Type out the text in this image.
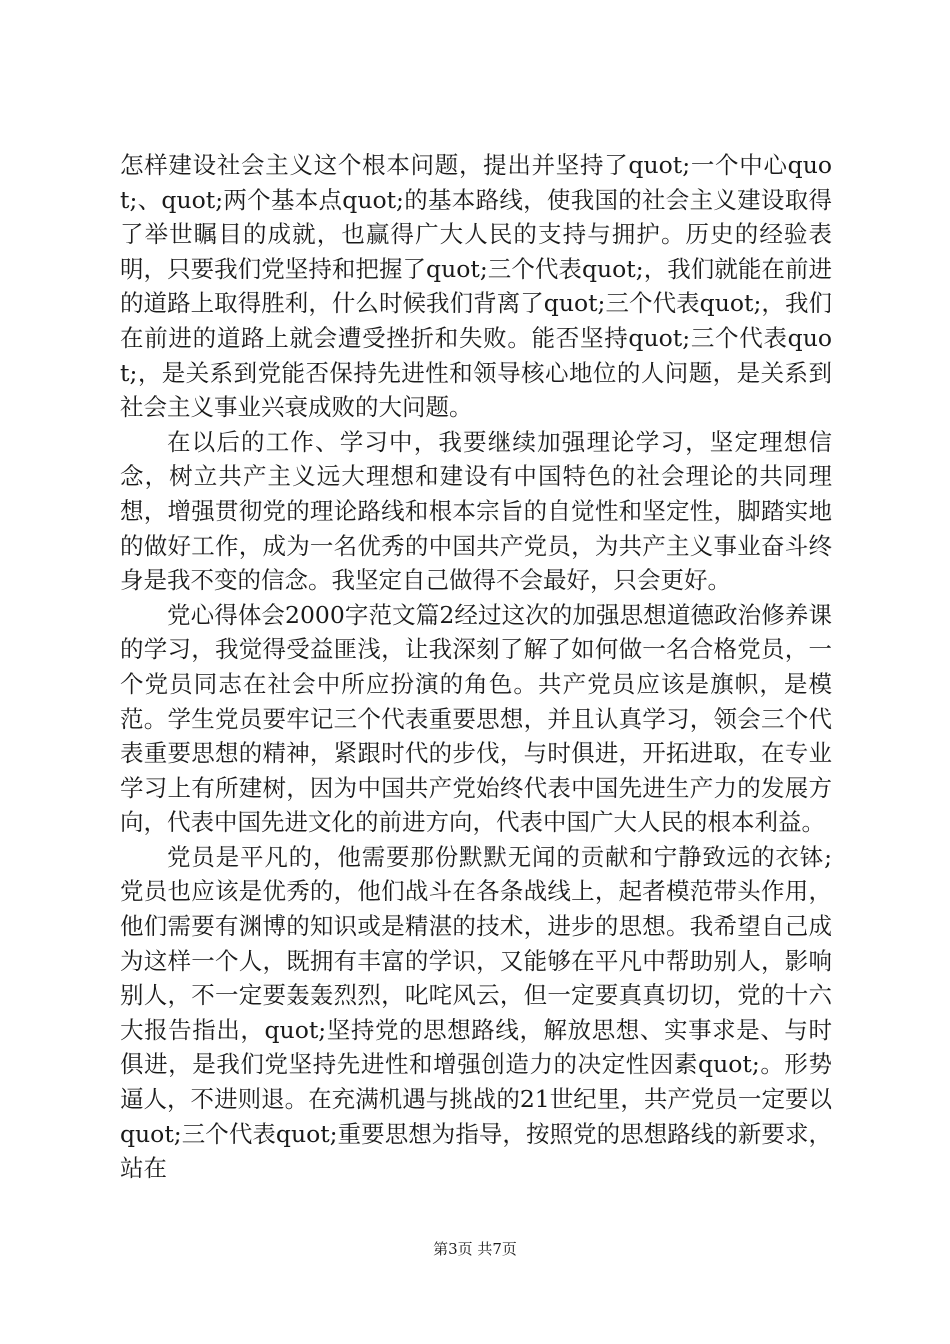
怎样建设社会主义这个根本问题，提出并坚持了quot;一个中心quot;、quot;两个基本点quot;的基本路线，使我国的社会主义建设取得了举世瞩目的成就，也赢得广大人民的支持与拥护。历史的经验表明，只要我们党坚持和把握了quot;三个代表quot;，我们就能在前进的道路上取得胜利，什么时候我们背离了quot;三个代表quot;，我们在前进的道路上就会遭受挫折和失败。能否坚持quot;三个代表quot;，是关系到党能否保持先进性和领导核心地位的人问题，是关系到社会主义事业兴衰成败的大问题。

在以后的工作、学习中，我要继续加强理论学习，坚定理想信念，树立共产主义远大理想和建设有中国特色的社会理论的共同理想，增强贯彻党的理论路线和根本宗旨的自觉性和坚定性，脚踏实地的做好工作，成为一名优秀的中国共产党员，为共产主义事业奋斗终身是我不变的信念。我坚定自己做得不会最好，只会更好。

党心得体会2000字范文篇2经过这次的加强思想道德政治修养课的学习，我觉得受益匪浅，让我深刻了解了如何做一名合格党员，一个党员同志在社会中所应扮演的角色。共产党员应该是旗帜，是模范。学生党员要牢记三个代表重要思想，并且认真学习，领会三个代表重要思想的精神，紧跟时代的步伐，与时俱进，开拓进取，在专业学习上有所建树，因为中国共产党始终代表中国先进生产力的发展方向，代表中国先进文化的前进方向，代表中国广大人民的根本利益。

党员是平凡的，他需要那份默默无闻的贡献和宁静致远的衣钵;党员也应该是优秀的，他们战斗在各条战线上，起者模范带头作用，他们需要有渊博的知识或是精湛的技术，进步的思想。我希望自己成为这样一个人，既拥有丰富的学识，又能够在平凡中帮助别人，影响别人，不一定要轰轰烈烈，叱咤风云，但一定要真真切切，党的十六大报告指出，quot;坚持党的思想路线，解放思想、实事求是、与时俱进，是我们党坚持先进性和增强创造力的决定性因素quot;。形势逼人，不进则退。在充满机遇与挑战的21世纪里，共产党员一定要以quot;三个代表quot;重要思想为指导，按照党的思想路线的新要求，站在

第3页 共7页
